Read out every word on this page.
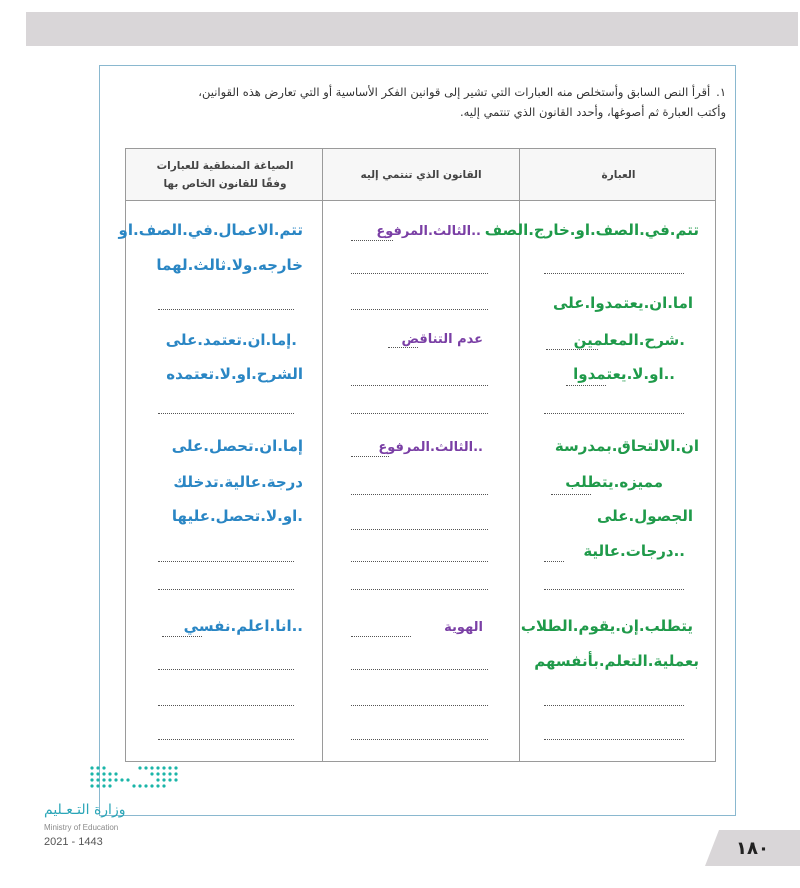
١.أقرأ النص السابق وأستخلص منه العبارات التي تشير إلى قوانين الفكر الأساسية أو التي تعارض هذه القوانين،
وأكتب العبارة ثم أصوغها، وأحدد القانون الذي تنتمي إليه.
العبارة
القانون الذي تنتمي إليه
الصياغة المنطقية للعبارات وفقًا للقانون الخاص بها
تتم.في.الصف.او.خارج.الصف
اما.ان.يعتمدوا.على
.شرح.المعلمين
..او.لا.يعتمدوا
ان.الالتحاق.بمدرسة
مميزه.يتطلب
الجصول.على
..درجات.عالية
يتطلب.إن.يقوم.الطلاب
بعملية.التعلم.بأنفسهم
..الثالث.المرفوع
عدم التناقض
..الثالث.المرفوع
الهوية
تتم.الاعمال.في.الصف.او
خارجه.ولا.ثالث.لهما
.إما.ان.تعتمد.على
الشرح.او.لا.تعتمده
إما.ان.تحصل.على
درجة.عالية.تدخلك
.او.لا.تحصل.عليها
..انا.اعلم.نفسي
وزارة التـعـليم
Ministry of Education
2021 - 1443	١٨٠
